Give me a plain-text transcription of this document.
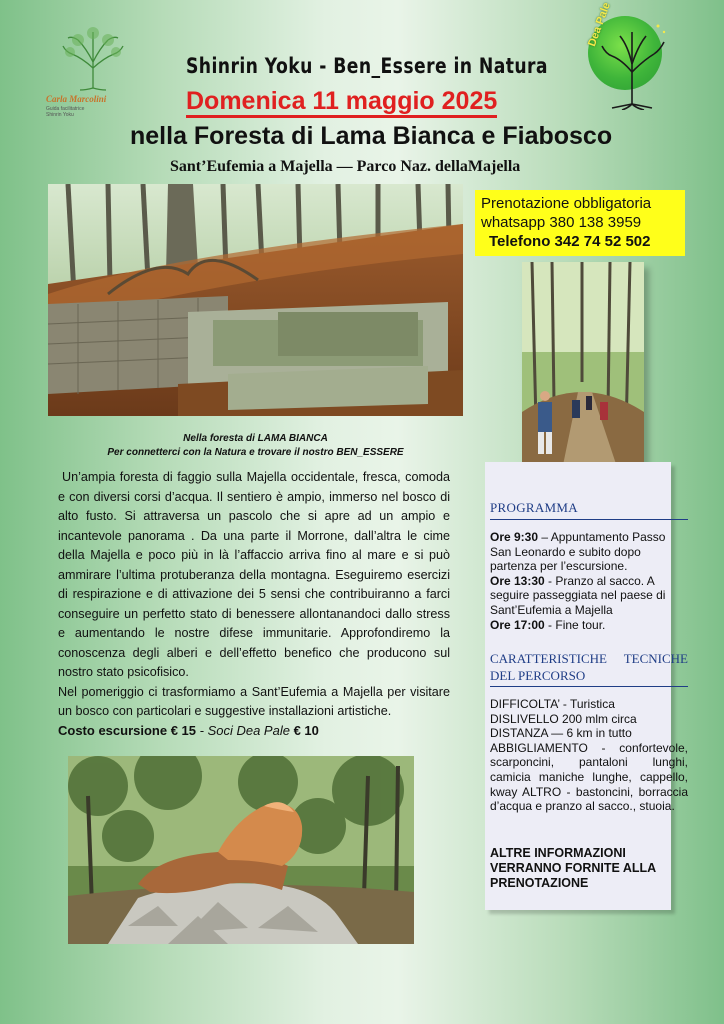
Carla Marcolini
Guida facilitatrice
Shinrin Yoku
Dea Pale
Shinrin Yoku - Ben_Essere in Natura
Domenica 11 maggio 2025
nella Foresta di Lama Bianca e Fiabosco
Sant’Eufemia a Majella — Parco Naz. dellaMajella
Prenotazione obbligatoria
whatsapp 380 138 3959
Telefono 342 74 52 502
Nella foresta di LAMA BIANCA
Per connetterci con la Natura e trovare il nostro BEN_ESSERE

Un’ampia foresta di faggio sulla Majella occidentale, fresca, comoda e con diversi corsi d’acqua. Il sentiero è ampio, immerso nel bosco di alto fusto. Si attraversa un pascolo che si apre ad un ampio e incantevole panorama . Da una parte il Morrone, dall’altra le cime della Majella e poco più in là l’affaccio arriva fino al mare e si può ammirare l’ultima protuberanza della montagna. Eseguiremo esercizi di respirazione e di attivazione dei 5 sensi che contribuiranno a farci conseguire un perfetto stato di benessere allontanandoci dallo stress e aumentando le nostre difese immunitarie. Approfondiremo la conoscenza degli alberi e dell’effetto benefico che producono sul nostro stato psicofisico.

Nel pomeriggio ci trasformiamo a Sant’Eufemia a Majella per visitare un bosco con particolari e suggestive installazioni artistiche.

Costo escursione € 15 - Soci Dea Pale € 10
PROGRAMMA
Ore 9:30 – Appuntamento Passo San Leonardo e subito dopo partenza per l’escursione.
Ore 13:30 - Pranzo al sacco. A seguire passeggiata nel paese di Sant’Eufemia a Majella
Ore 17:00 - Fine tour.
CARATTERISTICHE TECNICHE DEL PERCORSO
DIFFICOLTA’ - Turistica
DISLIVELLO 200 mlm circa
DISTANZA — 6 km in tutto
ABBIGLIAMENTO - confortevole, scarponcini, pantaloni lunghi, camicia maniche lunghe, cappello, kway ALTRO - bastoncini, borraccia d’acqua e pranzo al sacco., stuoia.
ALTRE INFORMAZIONI VERRANNO FORNITE ALLA PRENOTAZIONE
